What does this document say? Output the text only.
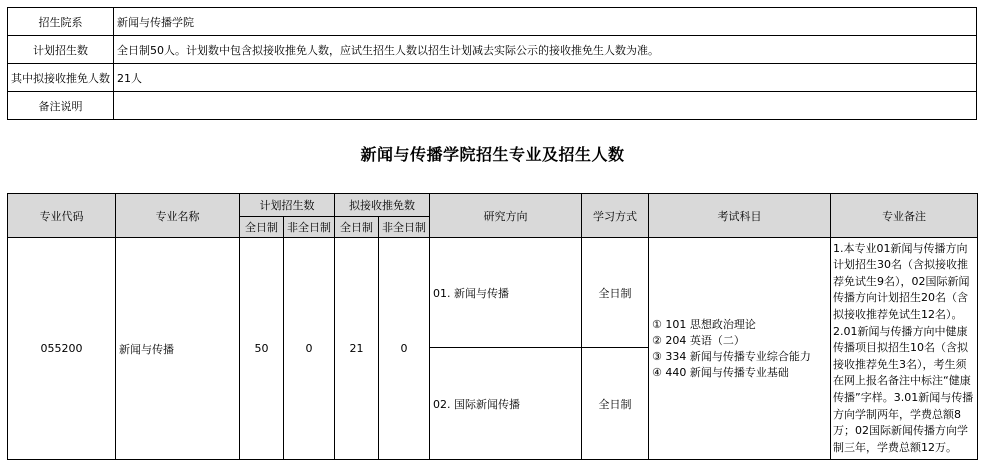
招生院系	新闻与传播学院
计划招生数	全日制50人。计划数中包含拟接收推免人数，应试生招生人数以招生计划减去实际公示的接收推免生人数为准。
其中拟接收推免人数	21人
备注说明	
新闻与传播学院招生专业及招生人数
专业代码	专业名称	计划招生数		拟接收推免数		研究方向	学习方式	考试科目	专业备注
		全日制	非全日制	全日制	非全日制				
055200	新闻与传播	50	0	21	0	01. 新闻与传播	全日制	① 101 思想政治理论
② 204 英语（二）
③ 334 新闻与传播专业综合能力
④ 440 新闻与传播专业基础	1.本专业01新闻与传播方向计划招生30名（含拟接收推荐免试生9名），02国际新闻传播方向计划招生20名（含拟接收推荐免试生12名）。2.01新闻与传播方向中健康传播项目拟招生10名（含拟接收推荐免生3名），考生须在网上报名备注中标注“健康传播”字样。3.01新闻与传播方向学制两年，学费总额8万；02国际新闻传播方向学制三年，学费总额12万。
						02. 国际新闻传播	全日制		
